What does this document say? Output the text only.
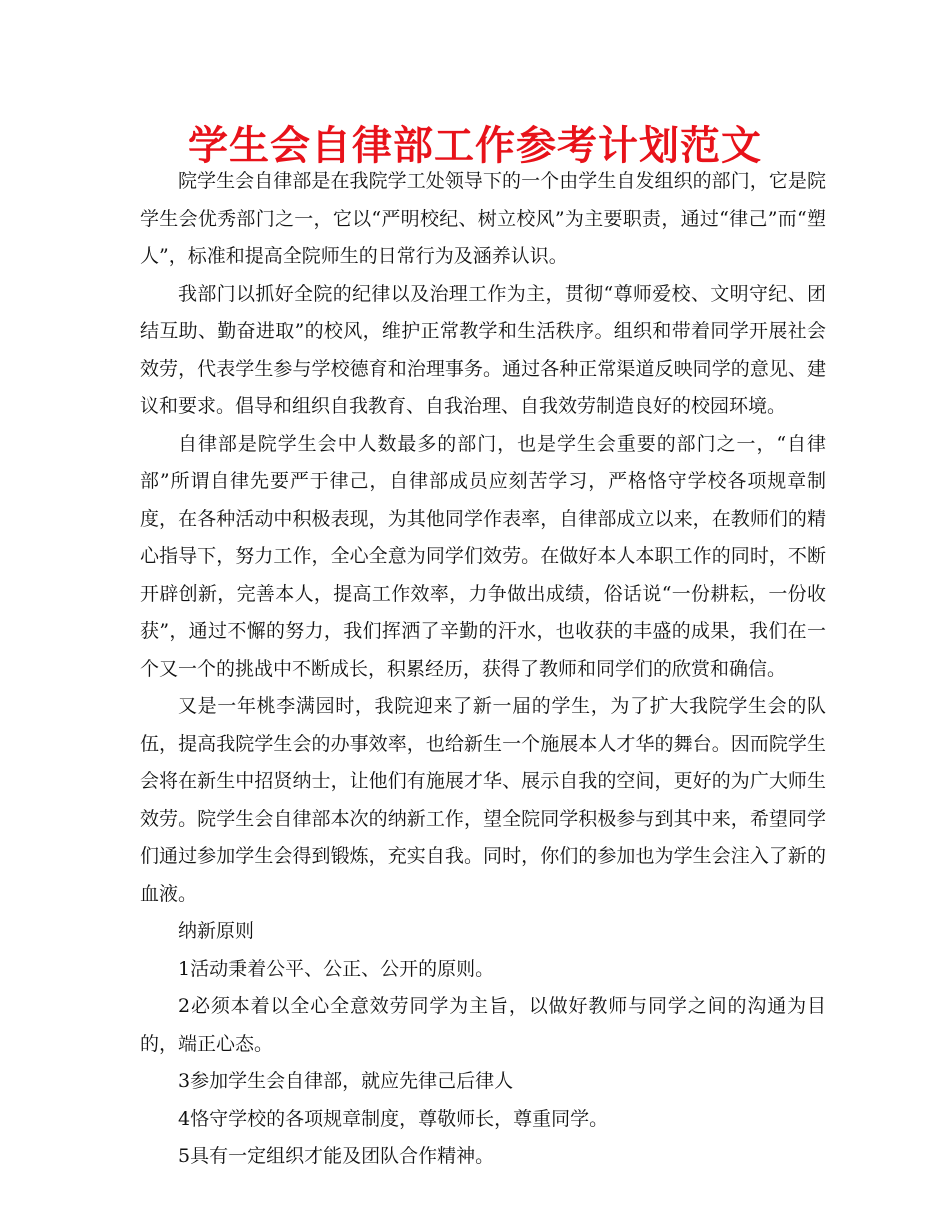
学生会自律部工作参考计划范文

院学生会自律部是在我院学工处领导下的一个由学生自发组织的部门，它是院学生会优秀部门之一，它以“严明校纪、树立校风”为主要职责，通过“律己”而“塑人”，标准和提高全院师生的日常行为及涵养认识。

我部门以抓好全院的纪律以及治理工作为主，贯彻“尊师爱校、文明守纪、团结互助、勤奋进取”的校风，维护正常教学和生活秩序。组织和带着同学开展社会效劳，代表学生参与学校德育和治理事务。通过各种正常渠道反映同学的意见、建议和要求。倡导和组织自我教育、自我治理、自我效劳制造良好的校园环境。

自律部是院学生会中人数最多的部门，也是学生会重要的部门之一，“自律部”所谓自律先要严于律己，自律部成员应刻苦学习，严格恪守学校各项规章制度，在各种活动中积极表现，为其他同学作表率，自律部成立以来，在教师们的精心指导下，努力工作，全心全意为同学们效劳。在做好本人本职工作的同时，不断开辟创新，完善本人，提高工作效率，力争做出成绩，俗话说“一份耕耘，一份收获”，通过不懈的努力，我们挥洒了辛勤的汗水，也收获的丰盛的成果，我们在一个又一个的挑战中不断成长，积累经历，获得了教师和同学们的欣赏和确信。

又是一年桃李满园时，我院迎来了新一届的学生，为了扩大我院学生会的队伍，提高我院学生会的办事效率，也给新生一个施展本人才华的舞台。因而院学生会将在新生中招贤纳士，让他们有施展才华、展示自我的空间，更好的为广大师生效劳。院学生会自律部本次的纳新工作，望全院同学积极参与到其中来，希望同学们通过参加学生会得到锻炼，充实自我。同时，你们的参加也为学生会注入了新的血液。

纳新原则

1活动秉着公平、公正、公开的原则。

2必须本着以全心全意效劳同学为主旨，以做好教师与同学之间的沟通为目的，端正心态。

3参加学生会自律部，就应先律己后律人

4恪守学校的各项规章制度，尊敬师长，尊重同学。

5具有一定组织才能及团队合作精神。
